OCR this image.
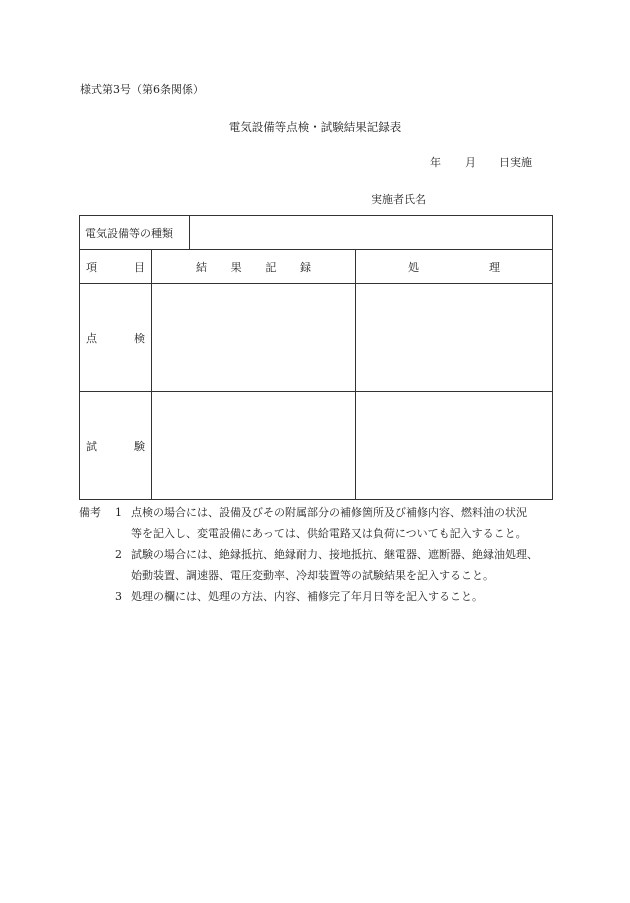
様式第3号（第6条関係）
電気設備等点検・試験結果記録表
年 月 日実施
実施者氏名
電気設備等の種類			

項 目	結 果 記 録		処 理

点 検			

試 験			

備考	1 点検の場合には、設備及びその附属部分の補修箇所及び補修内容、燃料油の状況
等を記入し、変電設備にあっては、供給電路又は負荷についても記入すること。
2 試験の場合には、絶縁抵抗、絶縁耐力、接地抵抗、継電器、遮断器、絶縁油処理、
始動装置、調速器、電圧変動率、冷却装置等の試験結果を記入すること。
3 処理の欄には、処理の方法、内容、補修完了年月日等を記入すること。
